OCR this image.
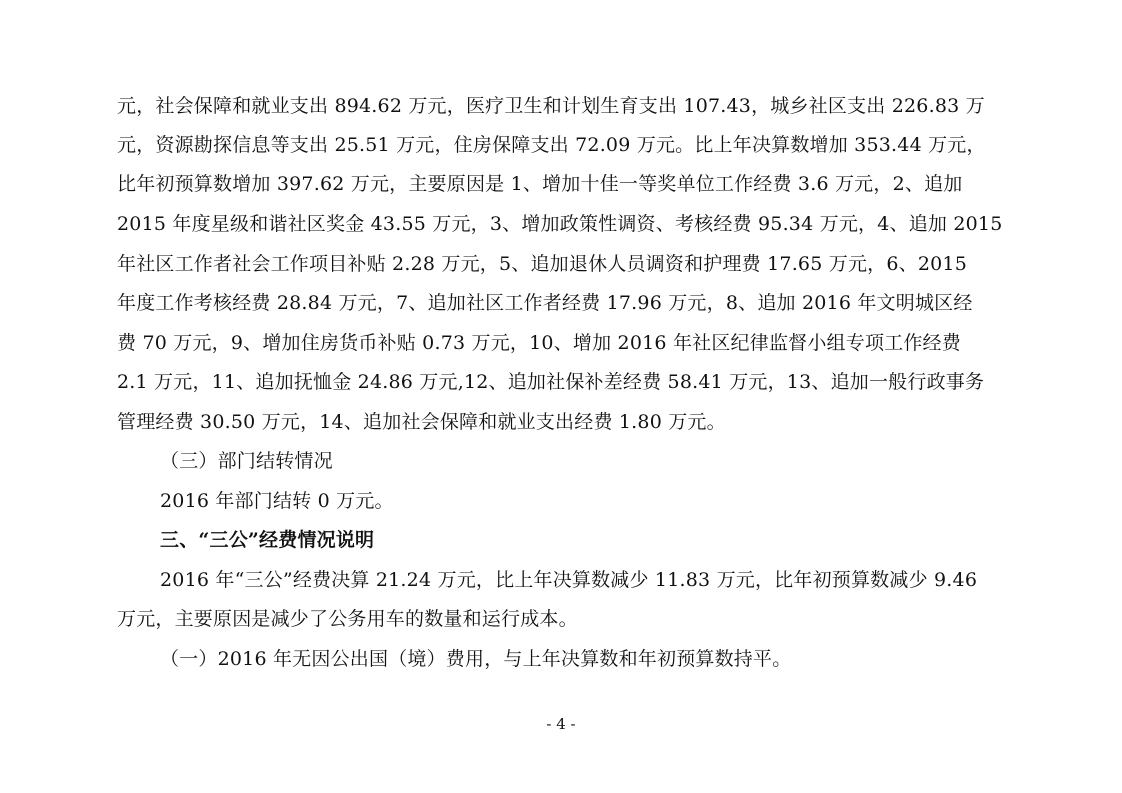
元，社会保障和就业支出 894.62 万元，医疗卫生和计划生育支出 107.43，城乡社区支出 226.83 万
元，资源勘探信息等支出 25.51 万元，住房保障支出 72.09 万元。比上年决算数增加 353.44 万元，
比年初预算数增加 397.62 万元，主要原因是 1、增加十佳一等奖单位工作经费 3.6 万元，2、追加
2015 年度星级和谐社区奖金 43.55 万元，3、增加政策性调资、考核经费 95.34 万元，4、追加 2015
年社区工作者社会工作项目补贴 2.28 万元，5、追加退休人员调资和护理费 17.65 万元，6、2015
年度工作考核经费 28.84 万元，7、追加社区工作者经费 17.96 万元，8、追加 2016 年文明城区经
费 70 万元，9、增加住房货币补贴 0.73 万元，10、增加 2016 年社区纪律监督小组专项工作经费
2.1 万元，11、追加抚恤金 24.86 万元,12、追加社保补差经费 58.41 万元，13、追加一般行政事务
管理经费 30.50 万元，14、追加社会保障和就业支出经费 1.80 万元。
（三）部门结转情况
2016 年部门结转 0 万元。
三、“三公”经费情况说明
2016 年“三公”经费决算 21.24 万元，比上年决算数减少 11.83 万元，比年初预算数减少 9.46
万元，主要原因是减少了公务用车的数量和运行成本。
（一）2016 年无因公出国（境）费用，与上年决算数和年初预算数持平。
- 4 -
